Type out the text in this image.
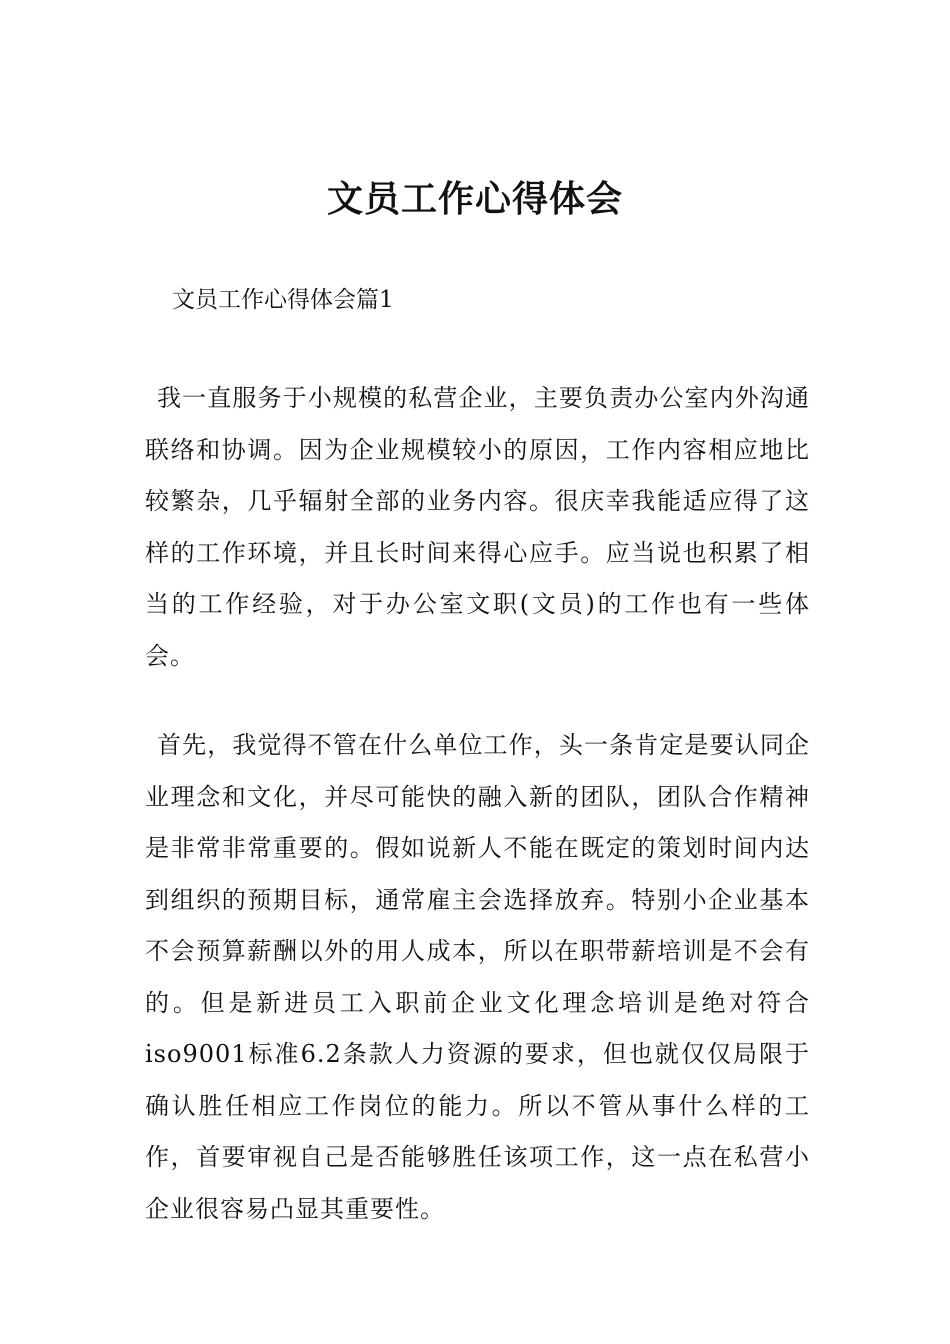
文员工作心得体会

文员工作心得体会篇1

我一直服务于小规模的私营企业，主要负责办公室内外沟通联络和协调。因为企业规模较小的原因，工作内容相应地比较繁杂，几乎辐射全部的业务内容。很庆幸我能适应得了这样的工作环境，并且长时间来得心应手。应当说也积累了相当的工作经验，对于办公室文职(文员)的工作也有一些体会。

首先，我觉得不管在什么单位工作，头一条肯定是要认同企业理念和文化，并尽可能快的融入新的团队，团队合作精神是非常非常重要的。假如说新人不能在既定的策划时间内达到组织的预期目标，通常雇主会选择放弃。特别小企业基本不会预算薪酬以外的用人成本，所以在职带薪培训是不会有的。但是新进员工入职前企业文化理念培训是绝对符合iso9001标准6.2条款人力资源的要求，但也就仅仅局限于确认胜任相应工作岗位的能力。所以不管从事什么样的工作，首要审视自己是否能够胜任该项工作，这一点在私营小企业很容易凸显其重要性。
